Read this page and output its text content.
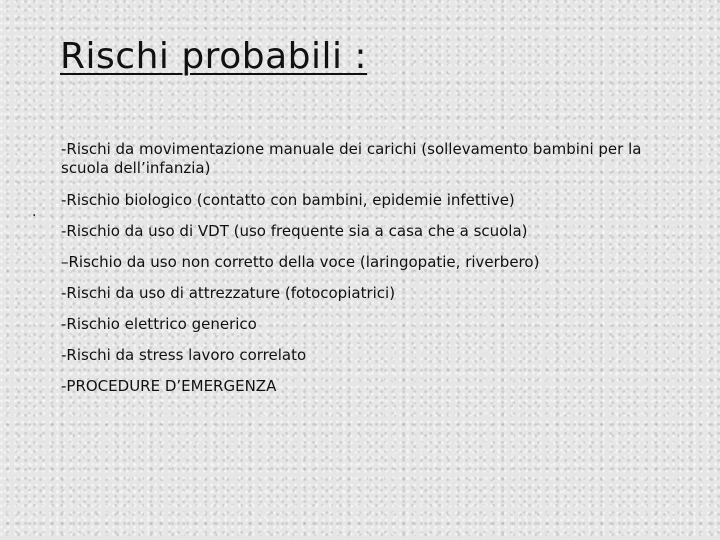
Rischi probabili :
.
-Rischi da movimentazione manuale dei carichi (sollevamento bambini per la scuola dell’infanzia)
-Rischio biologico (contatto con bambini, epidemie infettive)
-Rischio da uso di VDT (uso frequente sia a casa che a scuola)
–Rischio da uso non corretto della voce (laringopatie, riverbero)
-Rischi da uso di attrezzature (fotocopiatrici)
-Rischio elettrico generico
-Rischi da stress lavoro correlato
-PROCEDURE D’EMERGENZA
